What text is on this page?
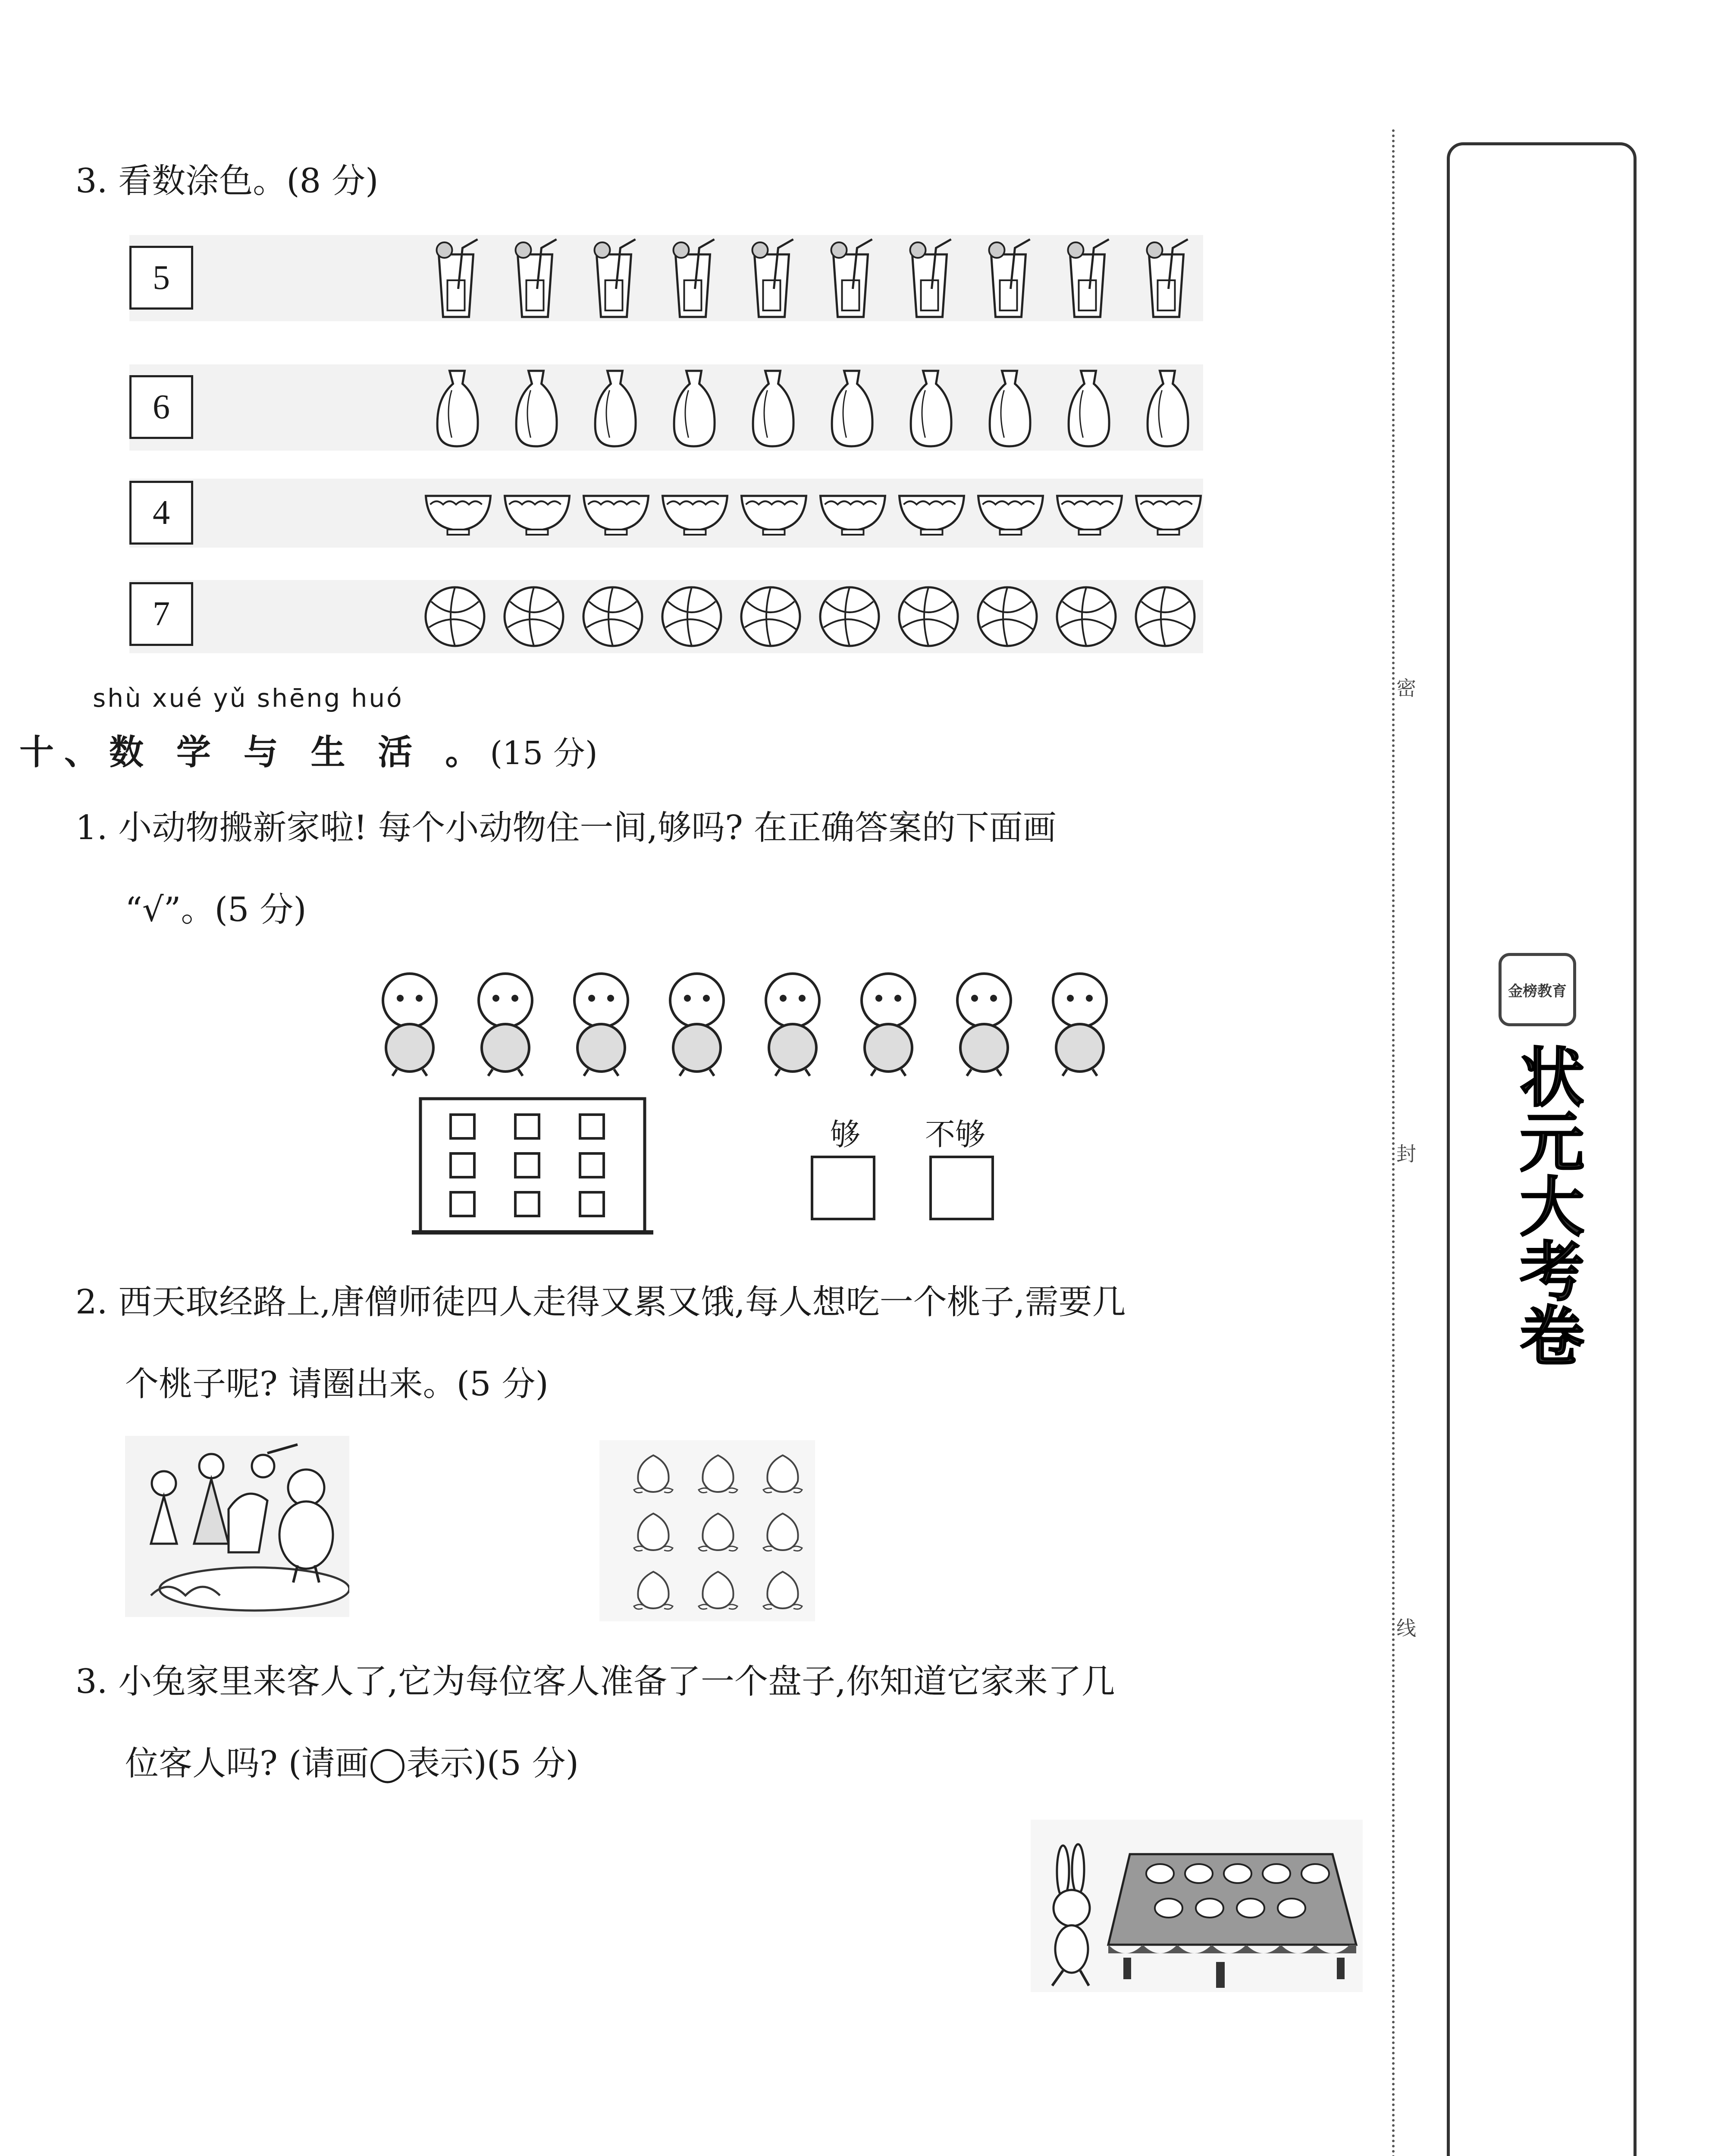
3. 看数涂色。(8 分)
5
6
4
7
shù xué yǔ shēng huó
十、数 学 与 生 活 。(15 分)
1. 小动物搬新家啦! 每个小动物住一间,够吗? 在正确答案的下面画
“√”。(5 分)
够 不够
2. 西天取经路上,唐僧师徒四人走得又累又饿,每人想吃一个桃子,需要几
个桃子呢? 请圈出来。(5 分)
3. 小兔家里来客人了,它为每位客人准备了一个盘子,你知道它家来了几
位客人吗? (请画◯表示)(5 分)
密
封
线
金榜教育
状元大考卷
